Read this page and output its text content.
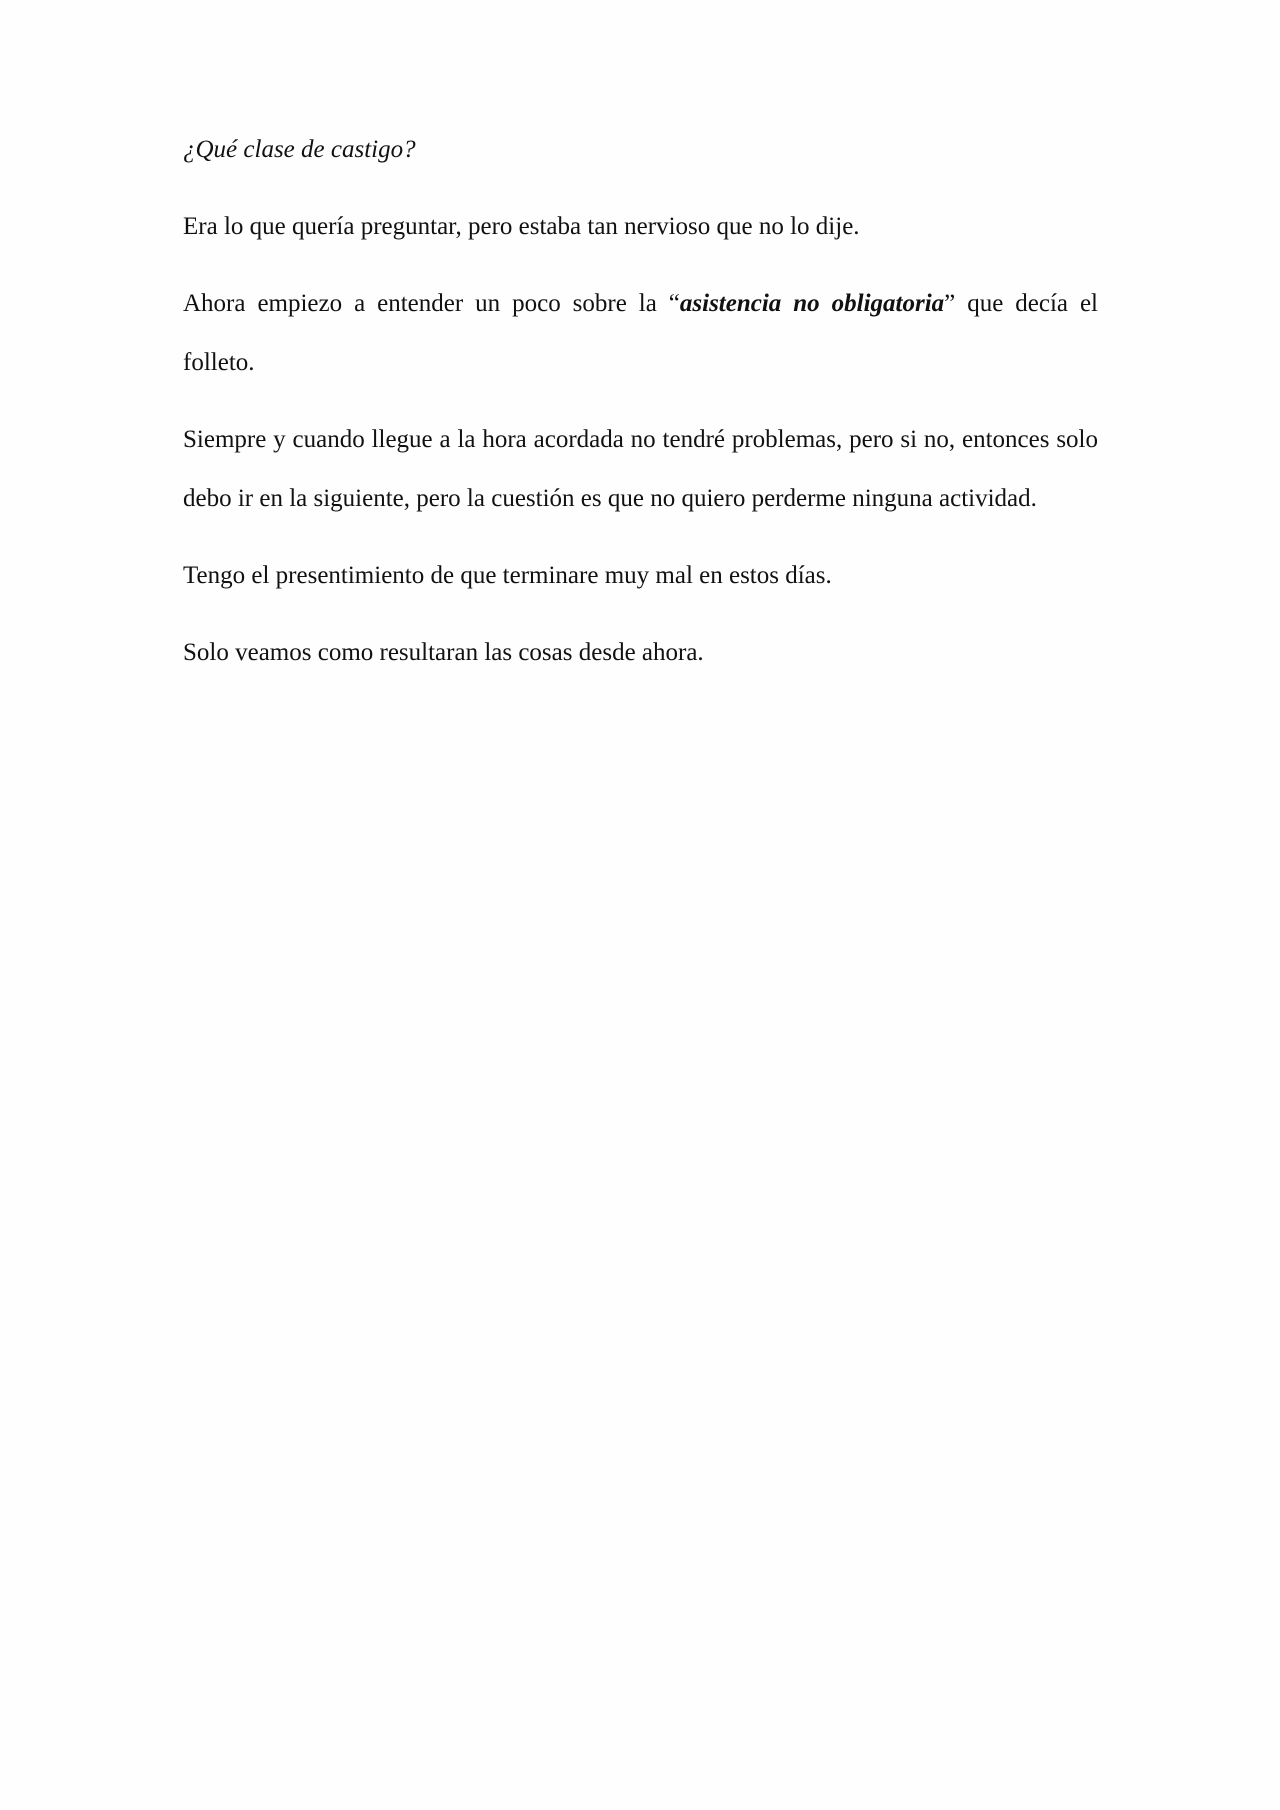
¿Qué clase de castigo?

Era lo que quería preguntar, pero estaba tan nervioso que no lo dije.

Ahora empiezo a entender un poco sobre la “asistencia no obligatoria” que decía el folleto.

Siempre y cuando llegue a la hora acordada no tendré problemas, pero si no, entonces solo debo ir en la siguiente, pero la cuestión es que no quiero perderme ninguna actividad.

Tengo el presentimiento de que terminare muy mal en estos días.

Solo veamos como resultaran las cosas desde ahora.
